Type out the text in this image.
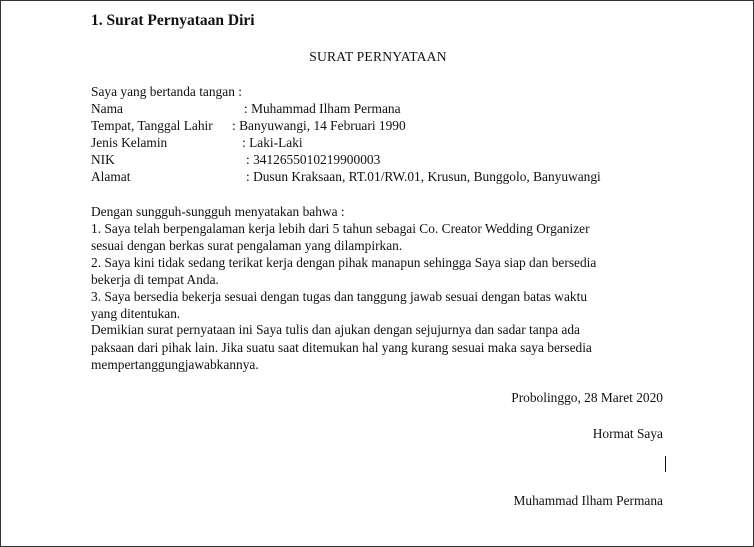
1. Surat Pernyataan Diri
SURAT PERNYATAAN
Saya yang bertanda tangan :
Nama	: Muhammad Ilham Permana
Tempat, Tanggal Lahir : Banyuwangi, 14 Februari 1990
Jenis Kelamin	: Laki-Laki
NIK	: 3412655010219900003
Alamat	: Dusun Kraksaan, RT.01/RW.01, Krusun, Bunggolo, Banyuwangi
Dengan sungguh-sungguh menyatakan bahwa :
1. Saya telah berpengalaman kerja lebih dari 5 tahun sebagai Co. Creator Wedding Organizer
sesuai dengan berkas surat pengalaman yang dilampirkan.
2. Saya kini tidak sedang terikat kerja dengan pihak manapun sehingga Saya siap dan bersedia
bekerja di tempat Anda.
3. Saya bersedia bekerja sesuai dengan tugas dan tanggung jawab sesuai dengan batas waktu
yang ditentukan.
Demikian surat pernyataan ini Saya tulis dan ajukan dengan sejujurnya dan sadar tanpa ada
paksaan dari pihak lain. Jika suatu saat ditemukan hal yang kurang sesuai maka saya bersedia
mempertanggungjawabkannya.
Probolinggo, 28 Maret 2020
Hormat Saya
Muhammad Ilham Permana
